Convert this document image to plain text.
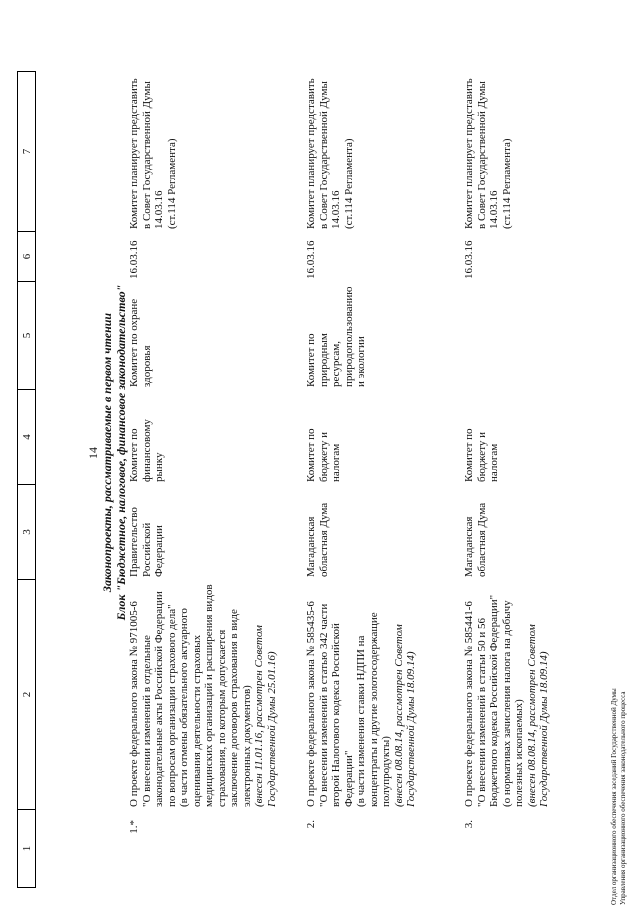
1	2	3	4	5	6	7
14 Законопроекты, рассматриваемые в первом чтении Блок "Бюджетное, налоговое, финансовое законодательство"
1.*	О проекте федерального закона № 971005-6
"О внесении изменений в отдельные законодательные акты Российской Федерации по вопросам организации страхового дела"
(в части отмены обязательного актуарного оценивания деятельности страховых медицинских организаций и расширения видов страхования, по которым допускается заключение договоров страхования в виде электронных документов) (внесен 11.01.16, рассмотрен Советом Государственной Думы 25.01.16)	Правительство Российской Федерации	Комитет по финансовому рынку	Комитет по охране здоровья	16.03.16	Комитет планирует представить в Совет Государственной Думы 14.03.16
(ст.114 Регламента)
2.	О проекте федерального закона № 585435-6
"О внесении изменений в статью 342 части второй Налогового кодекса Российской Федерации"
(в части изменения ставки НДПИ на концентраты и другие золотосодержащие полупродукты) (внесен 08.08.14, рассмотрен Советом Государственной Думы 18.09.14)	Магаданская областная Дума	Комитет по бюджету и налогам	Комитет по природным ресурсам, природопользованию и экологии	16.03.16	Комитет планирует представить в Совет Государственной Думы 14.03.16
(ст.114 Регламента)
3.	О проекте федерального закона № 585441-6
"О внесении изменений в статьи 50 и 56 Бюджетного кодекса Российской Федерации"
(о нормативах зачисления налога на добычу полезных ископаемых) (внесен 08.08.14, рассмотрен Советом Государственной Думы 18.09.14)	Магаданская областная Дума	Комитет по бюджету и налогам		16.03.16	Комитет планирует представить в Совет Государственной Думы 14.03.16
(ст.114 Регламента)
Отдел организационного обеспечения заседаний Государственной Думы
Управления организационного обеспечения законодательного процесса
